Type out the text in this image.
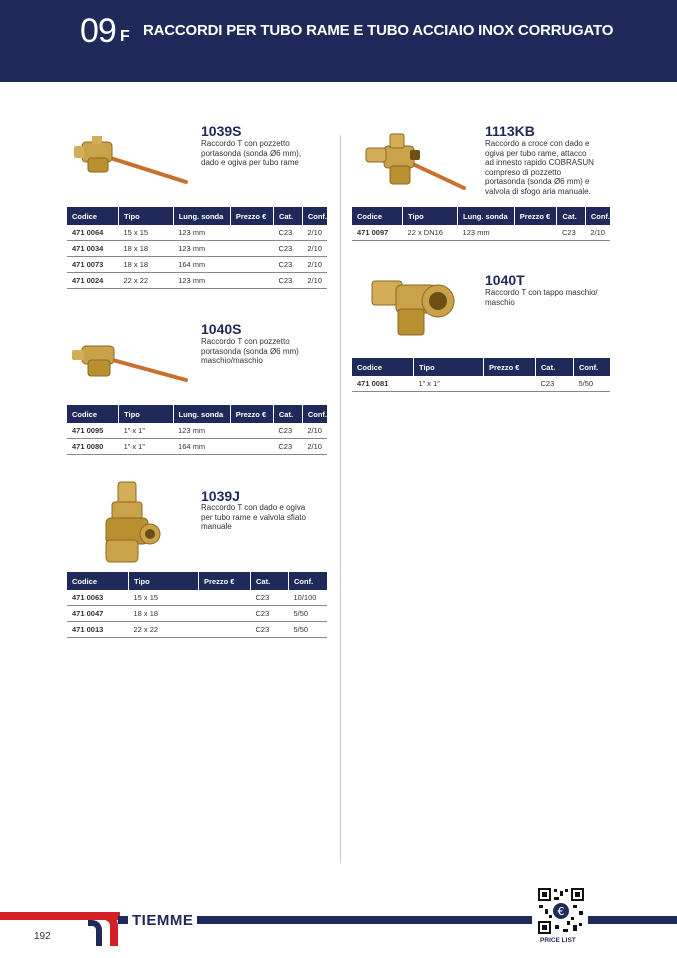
09 F RACCORDI PER TUBO RAME E TUBO ACCIAIO INOX CORRUGATO
1039S
Raccordo T con pozzetto
portasonda (sonda Ø6 mm),
dado e ogiva per tubo rame
Codice	Tipo	Lung. sonda	Prezzo €	Cat.	Conf.
471 0064	15 x 15	123 mm		C23	2/10
471 0034	18 x 18	123 mm		C23	2/10
471 0073	18 x 18	164 mm		C23	2/10
471 0024	22 x 22	123 mm		C23	2/10
1040S
Raccordo T con pozzetto
portasonda (sonda Ø6 mm)
maschio/maschio
Codice	Tipo	Lung. sonda	Prezzo €	Cat.	Conf.
471 0095	1” x 1”	123 mm		C23	2/10
471 0080	1” x 1”	164 mm		C23	2/10
1039J
Raccordo T con dado e ogiva
per tubo rame e valvola sfiato
manuale
Codice	Tipo	Prezzo €	Cat.	Conf.
471 0063	15 x 15		C23	10/100
471 0047	18 x 18		C23	5/50
471 0013	22 x 22		C23	5/50
1113KB
Raccordo a croce con dado e
ogiva per tubo rame, attacco
ad innesto rapido COBRASUN
compreso di pozzetto
portasonda (sonda Ø6 mm) e
valvola di sfogo aria manuale.
Codice	Tipo	Lung. sonda	Prezzo €	Cat.	Conf.
471 0097	22 x DN16	123 mm		C23	2/10
1040T
Raccordo T con tappo maschio/
maschio
Codice	Tipo	Prezzo €	Cat.	Conf.
471 0081	1” x 1”		C23	5/50
TIEMME
192
€
PRICE LIST
